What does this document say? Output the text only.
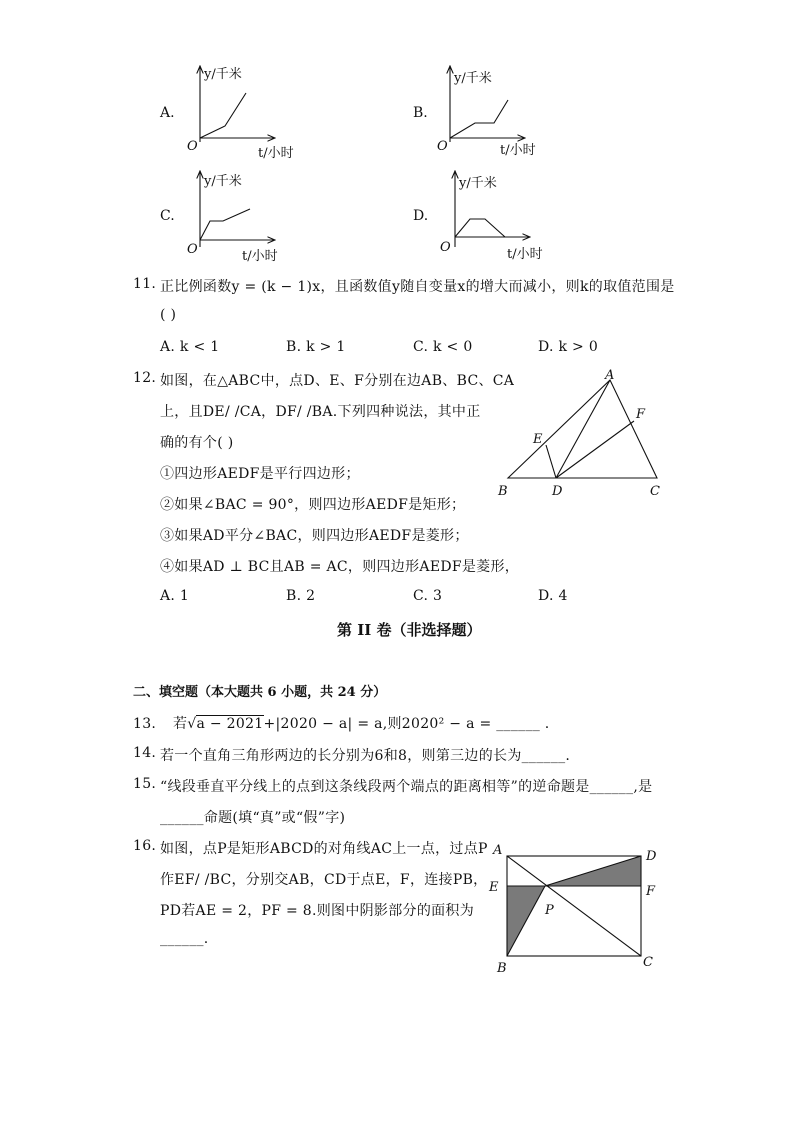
A.	B.
C.	D.
y/千米
O	t/小时
y/千米
O	t/小时
y/千米
O	t/小时
y/千米
O	t/小时
11. 正比例函数y = (k − 1)x，且函数值y随自变量x的增大而减小，则k的取值范围是
( )
A. k < 1	B. k > 1	C. k < 0	D. k > 0
12. 如图，在△ABC中，点D、E、F分别在边AB、BC、CA
上，且DE/ /CA，DF/ /BA.下列四种说法，其中正
确的有个( )
①四边形AEDF是平行四边形；
②如果∠BAC = 90°，则四边形AEDF是矩形；
③如果AD平分∠BAC，则四边形AEDF是菱形；
④如果AD ⊥ BC且AB = AC，则四边形AEDF是菱形，
A. 1	B. 2	C. 3	D. 4
A
F
E
B	D	C
第 II 卷（非选择题）
二、填空题（本大题共 6 小题，共 24 分）
13. 若√a − 2021+|2020 − a| = a,则2020² − a = ______ .
14. 若一个直角三角形两边的长分别为6和8，则第三边的长为______.
15. “线段垂直平分线上的点到这条线段两个端点的距离相等”的逆命题是______,是
______命题(填“真”或“假”字)
16. 如图，点P是矩形ABCD的对角线AC上一点，过点P
作EF/ /BC，分别交AB，CD于点E，F，连接PB，
PD若AE = 2，PF = 8.则图中阴影部分的面积为
______.
A	D
E	F
P
B	C
